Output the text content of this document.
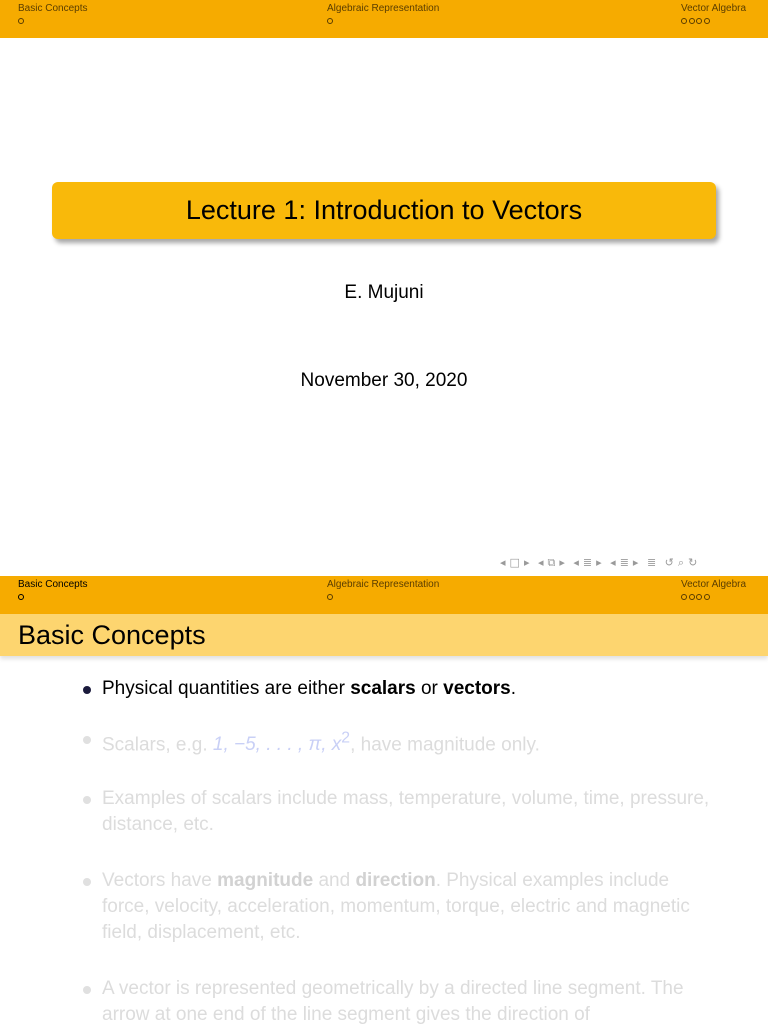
Basic Concepts	Algebraic Representation	Vector Algebra
Lecture 1: Introduction to Vectors
E. Mujuni
November 30, 2020
◂ □ ▸ ◂ ⧉ ▸ ◂ ≣ ▸ ◂ ≣ ▸ ≣ ↺ ⌕ ↻
Basic Concepts	Algebraic Representation	Vector Algebra
Basic Concepts
Physical quantities are either scalars or vectors.
Scalars, e.g. 1, −5, . . . , π, $x^2$, have magnitude only.
Examples of scalars include mass, temperature, volume, time, pressure, distance, etc.
Vectors have magnitude and direction. Physical examples include force, velocity, acceleration, momentum, torque, electric and magnetic field, displacement, etc.
A vector is represented geometrically by a directed line segment. The arrow at one end of the line segment gives the direction of
